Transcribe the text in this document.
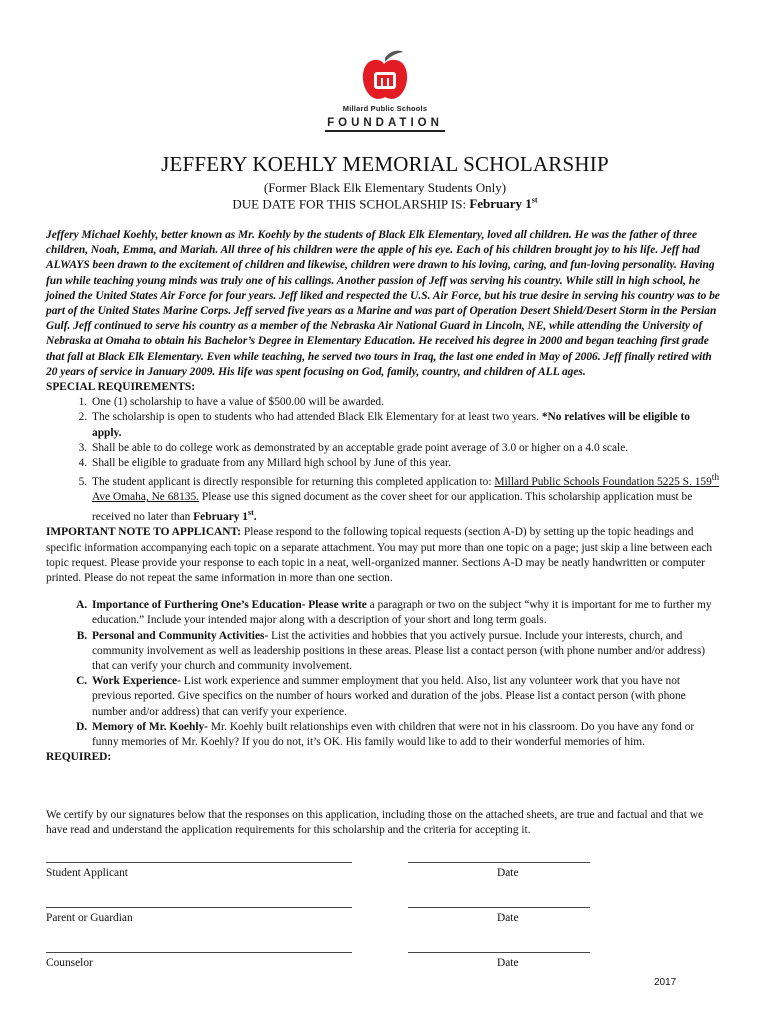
Millard Public Schools
FOUNDATION
JEFFERY KOEHLY MEMORIAL SCHOLARSHIP
(Former Black Elk Elementary Students Only)
DUE DATE FOR THIS SCHOLARSHIP IS: February 1st

Jeffery Michael Koehly, better known as Mr. Koehly by the students of Black Elk Elementary, loved all children. He was the father of three children, Noah, Emma, and Mariah. All three of his children were the apple of his eye. Each of his children brought joy to his life. Jeff had ALWAYS been drawn to the excitement of children and likewise, children were drawn to his loving, caring, and fun-loving personality. Having fun while teaching young minds was truly one of his callings. Another passion of Jeff was serving his country. While still in high school, he joined the United States Air Force for four years. Jeff liked and respected the U.S. Air Force, but his true desire in serving his country was to be part of the United States Marine Corps. Jeff served five years as a Marine and was part of Operation Desert Shield/Desert Storm in the Persian Gulf. Jeff continued to serve his country as a member of the Nebraska Air National Guard in Lincoln, NE, while attending the University of Nebraska at Omaha to obtain his Bachelor’s Degree in Elementary Education. He received his degree in 2000 and began teaching first grade that fall at Black Elk Elementary. Even while teaching, he served two tours in Iraq, the last one ended in May of 2006. Jeff finally retired with 20 years of service in January 2009. His life was spent focusing on God, family, country, and children of ALL ages.

SPECIAL REQUIREMENTS:

1. One (1) scholarship to have a value of $500.00 will be awarded.
2. The scholarship is open to students who had attended Black Elk Elementary for at least two years. *No relatives will be eligible to apply.
3. Shall be able to do college work as demonstrated by an acceptable grade point average of 3.0 or higher on a 4.0 scale.
4. Shall be eligible to graduate from any Millard high school by June of this year.
5. The student applicant is directly responsible for returning this completed application to: Millard Public Schools Foundation 5225 S. 159th Ave Omaha, Ne 68135. Please use this signed document as the cover sheet for our application. This scholarship application must be received no later than February 1st.

IMPORTANT NOTE TO APPLICANT: Please respond to the following topical requests (section A-D) by setting up the topic headings and specific information accompanying each topic on a separate attachment. You may put more than one topic on a page; just skip a line between each topic request. Please provide your response to each topic in a neat, well-organized manner. Sections A-D may be neatly handwritten or computer printed. Please do not repeat the same information in more than one section.

A. Importance of Furthering One’s Education- Please write a paragraph or two on the subject “why it is important for me to further my education.” Include your intended major along with a description of your short and long term goals.
B. Personal and Community Activities- List the activities and hobbies that you actively pursue. Include your interests, church, and community involvement as well as leadership positions in these areas. Please list a contact person (with phone number and/or address) that can verify your church and community involvement.
C. Work Experience- List work experience and summer employment that you held. Also, list any volunteer work that you have not previous reported. Give specifics on the number of hours worked and duration of the jobs. Please list a contact person (with phone number and/or address) that can verify your experience.
D. Memory of Mr. Koehly- Mr. Koehly built relationships even with children that were not in his classroom. Do you have any fond or funny memories of Mr. Koehly? If you do not, it’s OK. His family would like to add to their wonderful memories of him.

REQUIRED:

We certify by our signatures below that the responses on this application, including those on the attached sheets, are true and factual and that we have read and understand the application requirements for this scholarship and the criteria for accepting it.

Student Applicant	Date
Parent or Guardian	Date
Counselor	Date
2017
